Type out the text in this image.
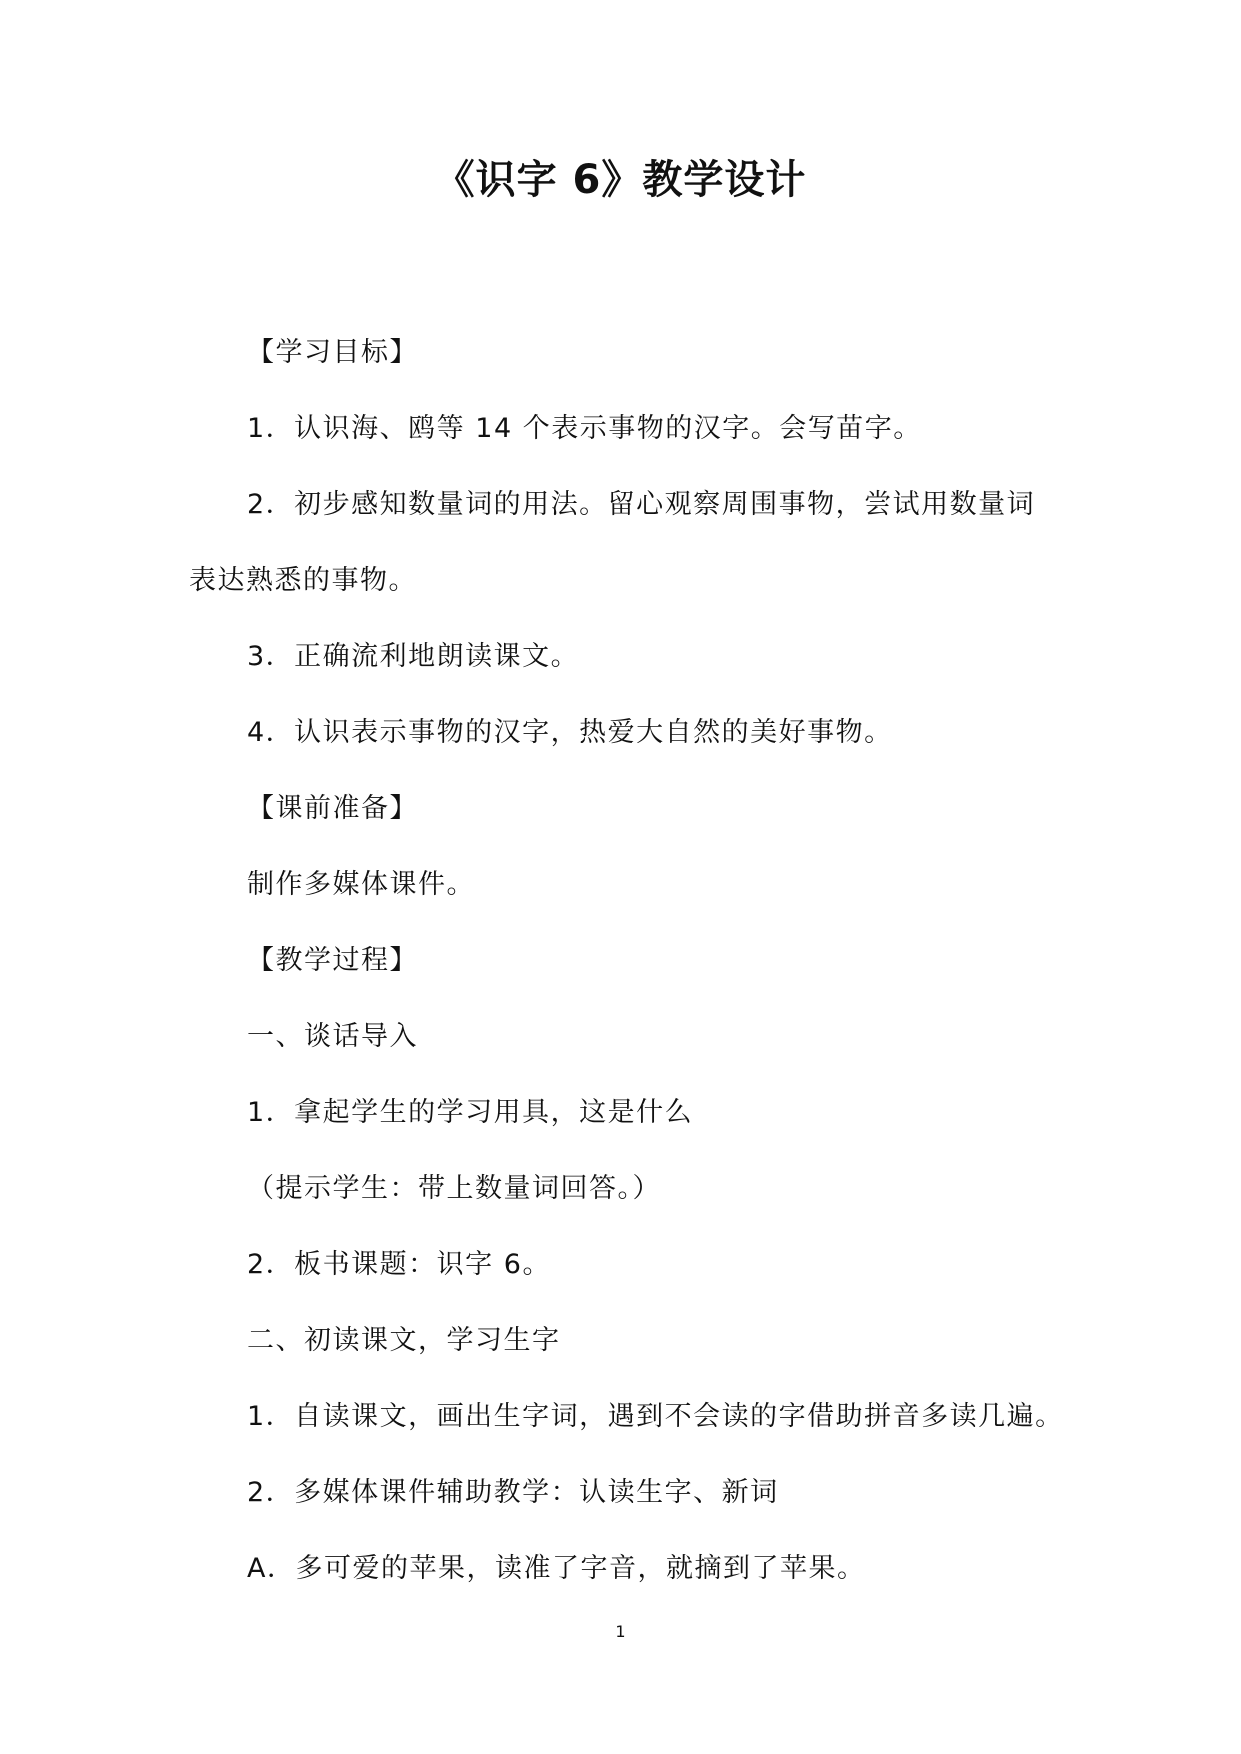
《识字 6》教学设计
【学习目标】
1．认识海、鸥等 14 个表示事物的汉字。会写苗字。
2．初步感知数量词的用法。留心观察周围事物，尝试用数量词
表达熟悉的事物。
3．正确流利地朗读课文。
4．认识表示事物的汉字，热爱大自然的美好事物。
【课前准备】
制作多媒体课件。
【教学过程】
一、谈话导入
1．拿起学生的学习用具，这是什么
（提示学生：带上数量词回答。）
2．板书课题：识字 6。
二、初读课文，学习生字
1．自读课文，画出生字词，遇到不会读的字借助拼音多读几遍。
2．多媒体课件辅助教学：认读生字、新词
A．多可爱的苹果，读准了字音，就摘到了苹果。
1
